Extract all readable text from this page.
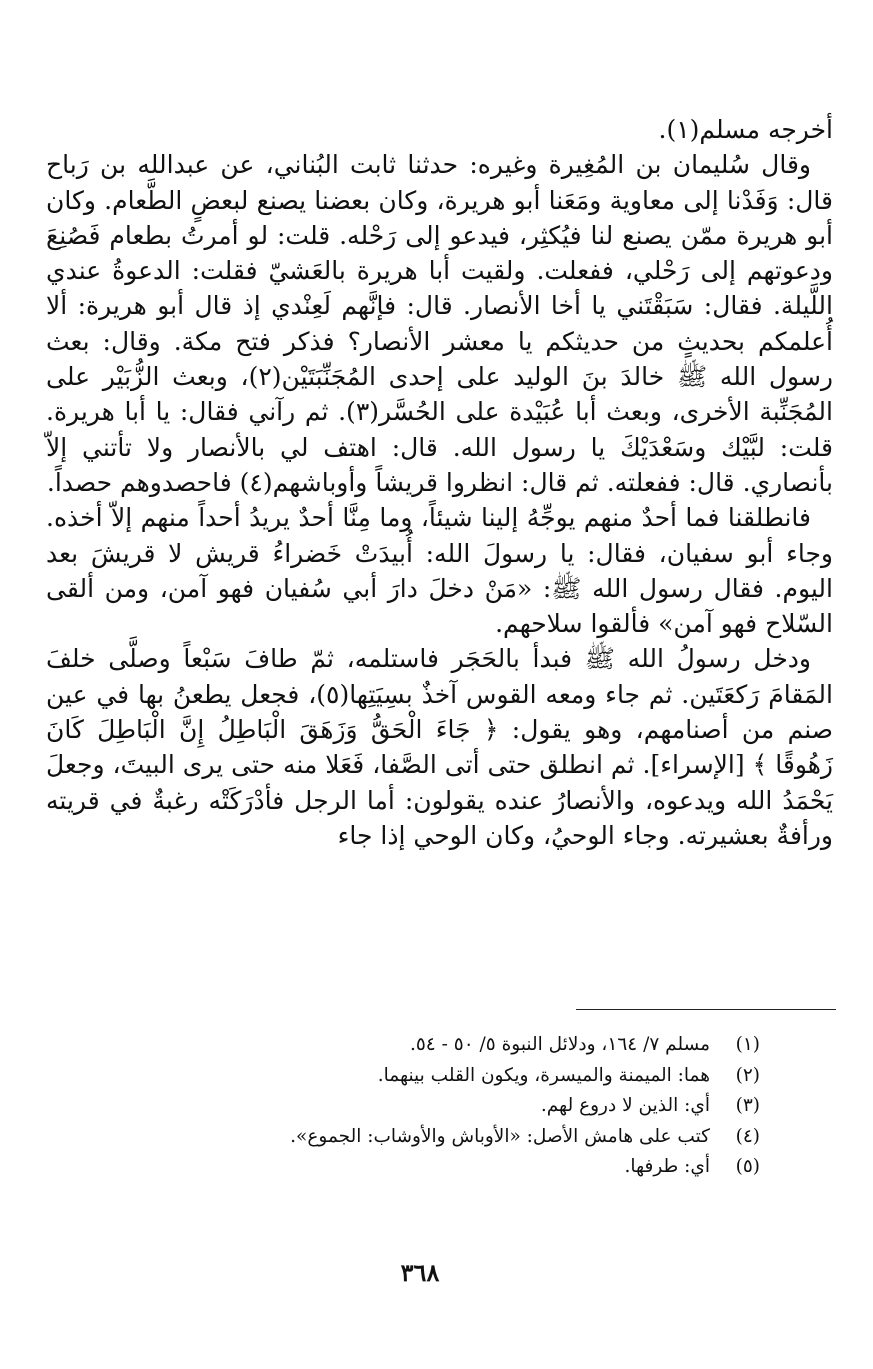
أخرجه مسلم(١).

وقال سُليمان بن المُغِيرة وغيره: حدثنا ثابت البُناني، عن عبدالله بن رَباح قال: وَفَدْنا إلى معاوية ومَعَنا أبو هريرة، وكان بعضنا يصنع لبعضٍ الطَّعام. وكان أبو هريرة ممّن يصنع لنا فيُكثِر، فيدعو إلى رَحْله. قلت: لو أمرتُ بطعام فَصُنِعَ ودعوتهم إلى رَحْلي، ففعلت. ولقيت أبا هريرة بالعَشيّ فقلت: الدعوةُ عندي اللَّيلة. فقال: سَبَقْتَني يا أخا الأنصار. قال: فإنَّهم لَعِنْدي إذ قال أبو هريرة: ألا أُعلمكم بحديثٍ من حديثكم يا معشر الأنصار؟ فذكر فتح مكة. وقال: بعث رسول الله ﷺ خالدَ بنَ الوليد على إحدى المُجَنِّبَتَيْن(٢)، وبعث الزُّبَيْر على المُجَنِّبة الأخرى، وبعث أبا عُبَيْدة على الحُسَّر(٣). ثم رآني فقال: يا أبا هريرة. قلت: لبَّيْك وسَعْدَيْكَ يا رسول الله. قال: اهتف لي بالأنصار ولا تأتني إلاّ بأنصاري. قال: ففعلته. ثم قال: انظروا قريشاً وأوباشهم(٤) فاحصدوهم حصداً.

فانطلقنا فما أحدٌ منهم يوجِّهُ إلينا شيئاً، وما مِنَّا أحدٌ يريدُ أحداً منهم إلاّ أخذه. وجاء أبو سفيان، فقال: يا رسولَ الله: أُبيدَتْ خَضراءُ قريش لا قريشَ بعد اليوم. فقال رسول الله ﷺ: «مَنْ دخلَ دارَ أبي سُفيان فهو آمن، ومن ألقى السّلاح فهو آمن» فألقوا سلاحهم.

ودخل رسولُ الله ﷺ فبدأ بالحَجَر فاستلمه، ثمّ طافَ سَبْعاً وصلَّى خلفَ المَقامَ رَكعَتَين. ثم جاء ومعه القوس آخذٌ بسِيَتِها(٥)، فجعل يطعنُ بها في عين صنم من أصنامهم، وهو يقول: ﴿ جَاءَ الْحَقُّ وَزَهَقَ الْبَاطِلُ إِنَّ الْبَاطِلَ كَانَ زَهُوقًا ﴾ [الإسراء]. ثم انطلق حتى أتى الصَّفا، فَعَلا منه حتى يرى البيتَ، وجعلَ يَحْمَدُ الله ويدعوه، والأنصارُ عنده يقولون: أما الرجل فأدْرَكَتْه رغبةٌ في قريته ورأفةٌ بعشيرته. وجاء الوحيُ، وكان الوحي إذا جاء

(١)
مسلم ٧/ ١٦٤، ودلائل النبوة ٥/ ٥٠ - ٥٤.
(٢)
هما: الميمنة والميسرة، ويكون القلب بينهما.
(٣)
أي: الذين لا دروع لهم.
(٤)
كتب على هامش الأصل: «الأوباش والأوشاب: الجموع».
(٥)
أي: طرفها.
٣٦٨
